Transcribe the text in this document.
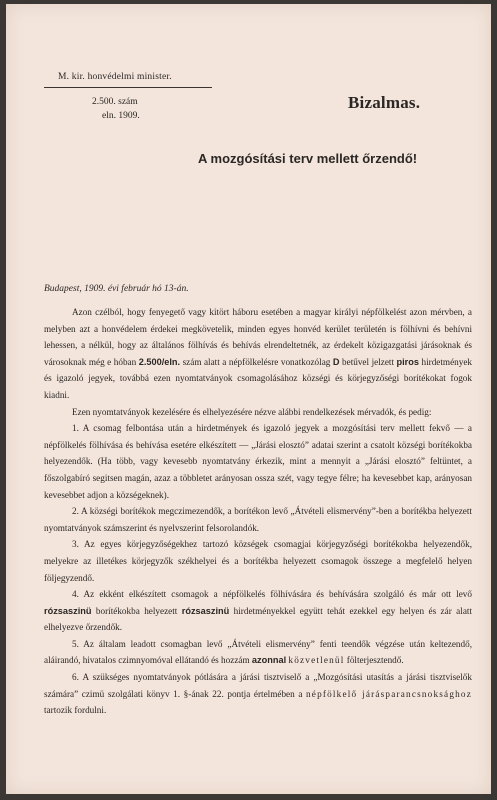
M. kir. honvédelmi minister.
2.500. szám
eln. 1909.
Bizalmas.
A mozgósítási terv mellett őrzendő!
Budapest, 1909. évi február hó 13-án.

Azon czélból, hogy fenyegető vagy kitört háboru esetében a magyar királyi népfölkelést azon mérvben, a melyben azt a honvédelem érdekei megkövetelik, minden egyes honvéd kerület területén is fölhívni és behívni lehessen, a nélkül, hogy az általános fölhívás és behívás elrendeltetnék, az érdekelt közigazgatási járásoknak és városoknak még e hóban 2.500/eln. szám alatt a népfölkelésre vonatkozólag D betűvel jelzett piros hirdetmények és igazoló jegyek, továbbá ezen nyomtatványok csomagolásához községi és körjegyzőségi borítékokat fogok kiadni.

Ezen nyomtatványok kezelésére és elhelyezésére nézve alábbi rendelkezések mérvadók, és pedig:

1. A csomag felbontása után a hirdetmények és igazoló jegyek a mozgósítási terv mellett fekvő — a népfölkelés fölhívása és behívása esetére elkészített — „Járási elosztó” adatai szerint a csatolt községi borítékokba helyezendők. (Ha több, vagy kevesebb nyomtatvány érkezik, mint a mennyit a „Járási elosztó” feltüntet, a főszolgabíró segitsen magán, azaz a többletet arányosan ossza szét, vagy tegye félre; ha kevesebbet kap, arányosan kevesebbet adjon a községeknek).

2. A községi borítékok megczimezendők, a borítékon levő „Átvételi elismervény”-ben a borítékba helyezett nyomtatványok számszerint és nyelvszerint felsorolandók.

3. Az egyes körjegyzőségekhez tartozó községek csomagjai körjegyzőségi borítékokba helyezendők, melyekre az illetékes körjegyzők székhelyei és a borítékba helyezett csomagok összege a megfelelő helyen följegyzendő.

4. Az ekként elkészített csomagok a népfölkelés fölhívására és behívására szolgáló és már ott levő rózsaszinü borítékokba helyezett rózsaszinü hirdetményekkel együtt tehát ezekkel egy helyen és zár alatt elhelyezve őrzendők.

5. Az általam leadott csomagban levő „Átvételi elismervény” fenti teendők végzése után keltezendő, aláirandó, hivatalos czimnyomóval ellátandó és hozzám azonnal közvetlenül fölterjesztendő.

6. A szükséges nyomtatványok pótlására a járási tisztviselő a „Mozgósítási utasítás a járási tisztviselők számára” czimü szolgálati könyv 1. §-ának 22. pontja értelmében a népfölkelő járásparancsnoksághoz tartozik fordulni.
